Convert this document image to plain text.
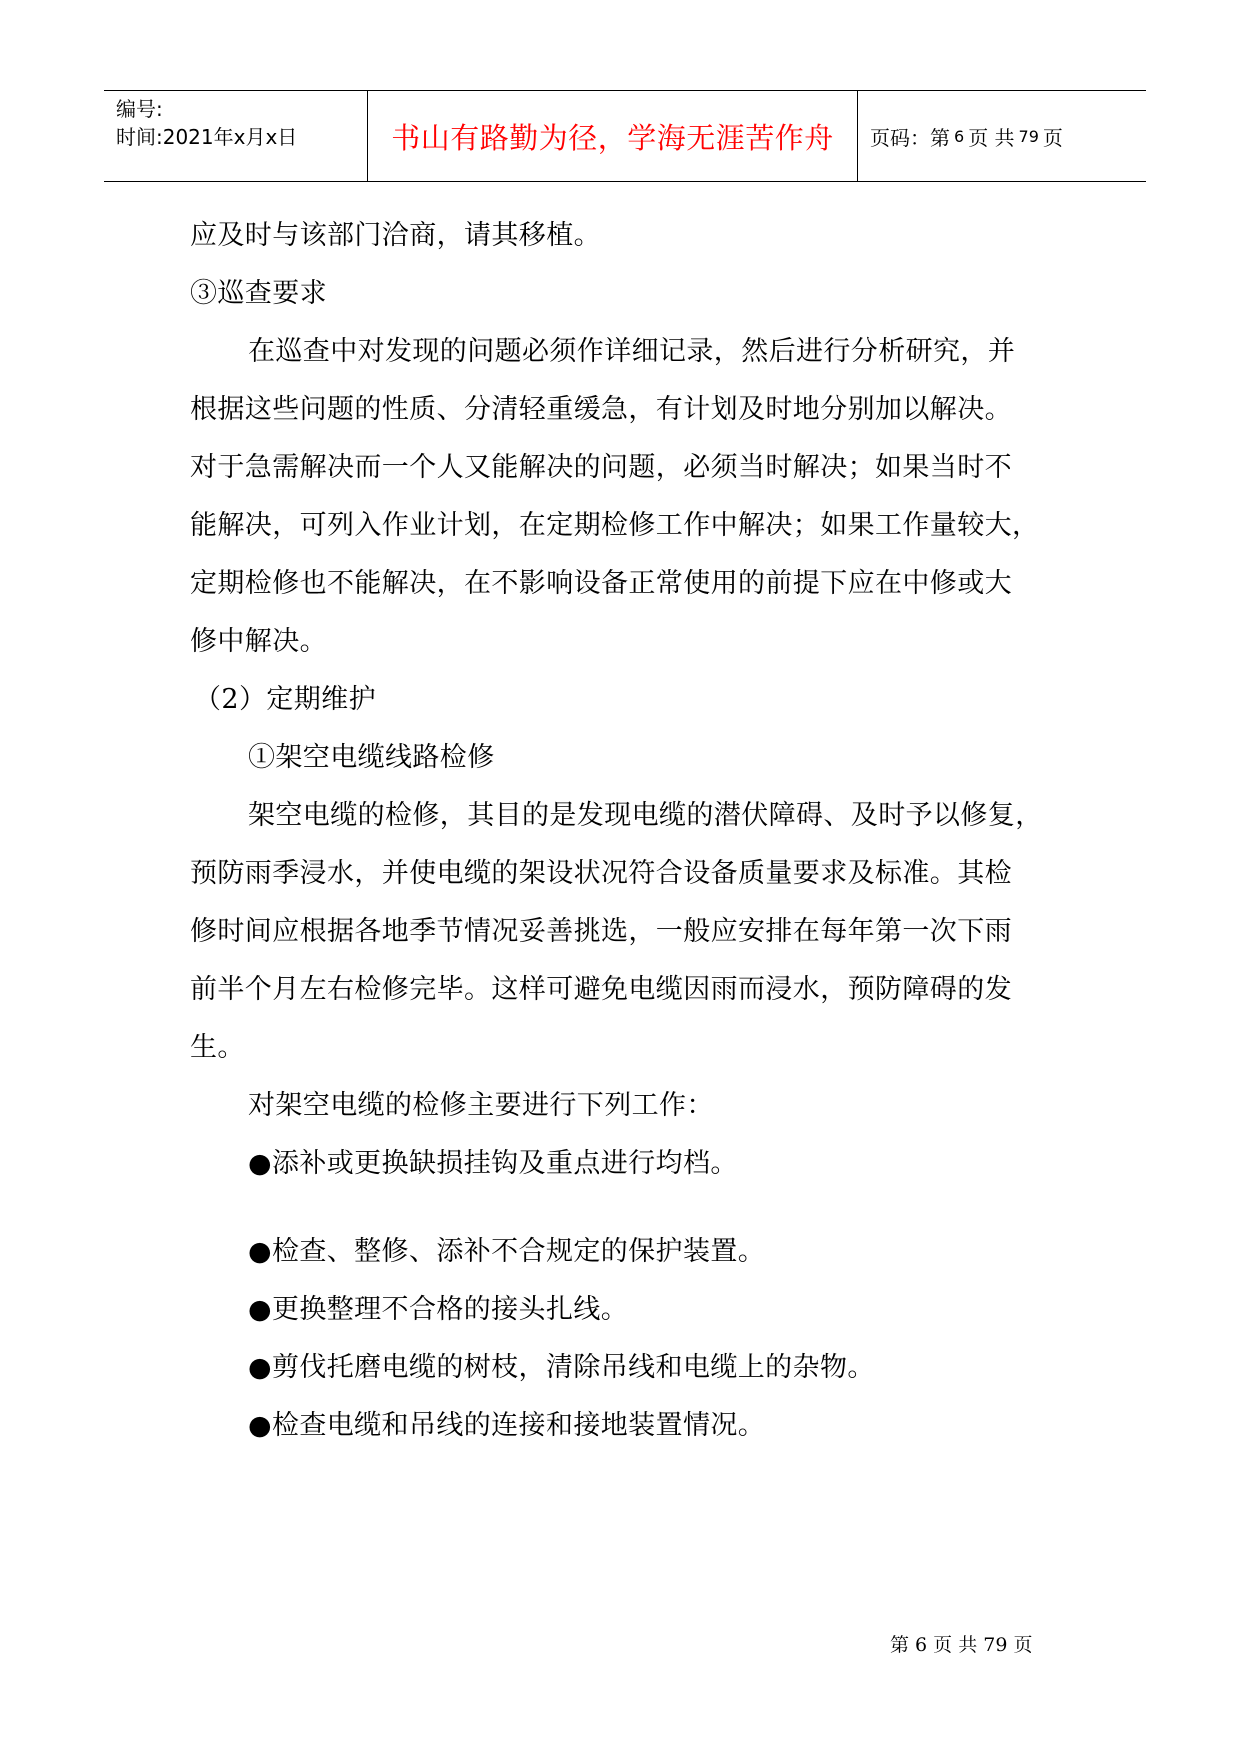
编号:
时间:2021年x月x日	书山有路勤为径，学海无涯苦作舟 页码：第 6 页 共 79 页
应及时与该部门洽商，请其移植。
③巡查要求
在巡查中对发现的问题必须作详细记录，然后进行分析研究，并
根据这些问题的性质、分清轻重缓急，有计划及时地分别加以解决。
对于急需解决而一个人又能解决的问题，必须当时解决；如果当时不
能解决，可列入作业计划，在定期检修工作中解决；如果工作量较大，
定期检修也不能解决，在不影响设备正常使用的前提下应在中修或大
修中解决。
（2）定期维护
①架空电缆线路检修
架空电缆的检修，其目的是发现电缆的潜伏障碍、及时予以修复，
预防雨季浸水，并使电缆的架设状况符合设备质量要求及标准。其检
修时间应根据各地季节情况妥善挑选，一般应安排在每年第一次下雨
前半个月左右检修完毕。这样可避免电缆因雨而浸水，预防障碍的发
生。
对架空电缆的检修主要进行下列工作：
●添补或更换缺损挂钩及重点进行均档。
●检查、整修、添补不合规定的保护装置。
●更换整理不合格的接头扎线。
●剪伐托磨电缆的树枝，清除吊线和电缆上的杂物。
●检查电缆和吊线的连接和接地装置情况。
第 6 页 共 79 页
